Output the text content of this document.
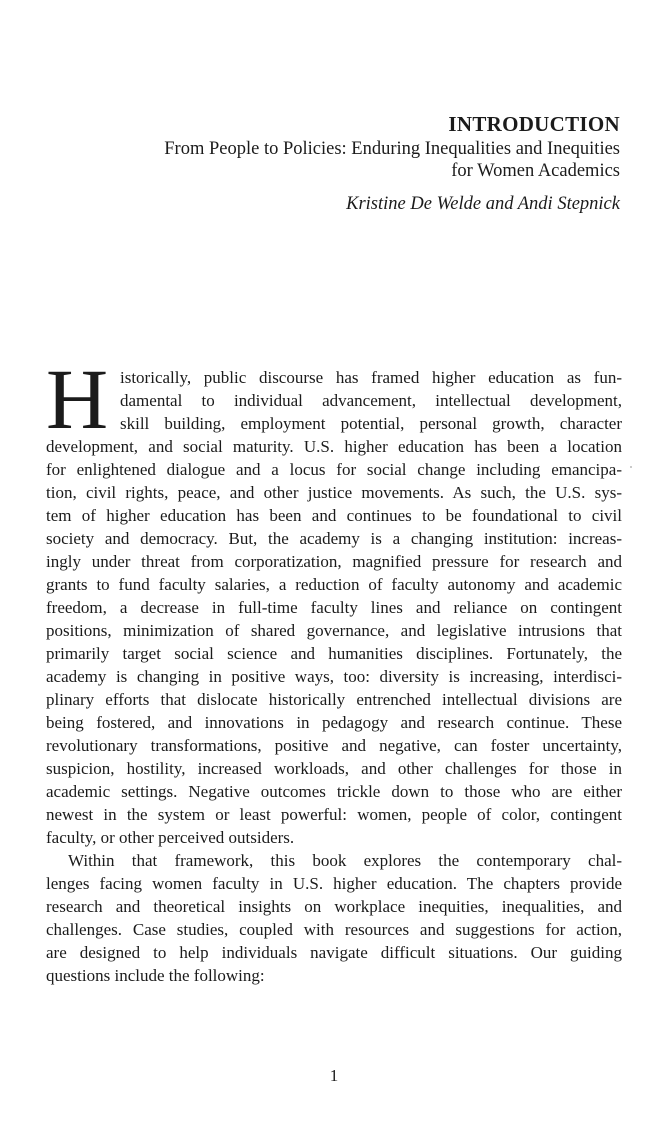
INTRODUCTION
From People to Policies: Enduring Inequalities and Inequities
for Women Academics
Kristine De Welde and Andi Stepnick
H istorically, public discourse has framed higher education as fun-
damental to individual advancement, intellectual development,
skill building, employment potential, personal growth, character
development, and social maturity. U.S. higher education has been a location
for enlightened dialogue and a locus for social change including emancipa-
tion, civil rights, peace, and other justice movements. As such, the U.S. sys-
tem of higher education has been and continues to be foundational to civil
society and democracy. But, the academy is a changing institution: increas-
ingly under threat from corporatization, magnified pressure for research and
grants to fund faculty salaries, a reduction of faculty autonomy and academic
freedom, a decrease in full-time faculty lines and reliance on contingent
positions, minimization of shared governance, and legislative intrusions that
primarily target social science and humanities disciplines. Fortunately, the
academy is changing in positive ways, too: diversity is increasing, interdisci-
plinary efforts that dislocate historically entrenched intellectual divisions are
being fostered, and innovations in pedagogy and research continue. These
revolutionary transformations, positive and negative, can foster uncertainty,
suspicion, hostility, increased workloads, and other challenges for those in
academic settings. Negative outcomes trickle down to those who are either
newest in the system or least powerful: women, people of color, contingent
faculty, or other perceived outsiders.
Within that framework, this book explores the contemporary chal-
lenges facing women faculty in U.S. higher education. The chapters provide
research and theoretical insights on workplace inequities, inequalities, and
challenges. Case studies, coupled with resources and suggestions for action,
are designed to help individuals navigate difficult situations. Our guiding
questions include the following:
1
